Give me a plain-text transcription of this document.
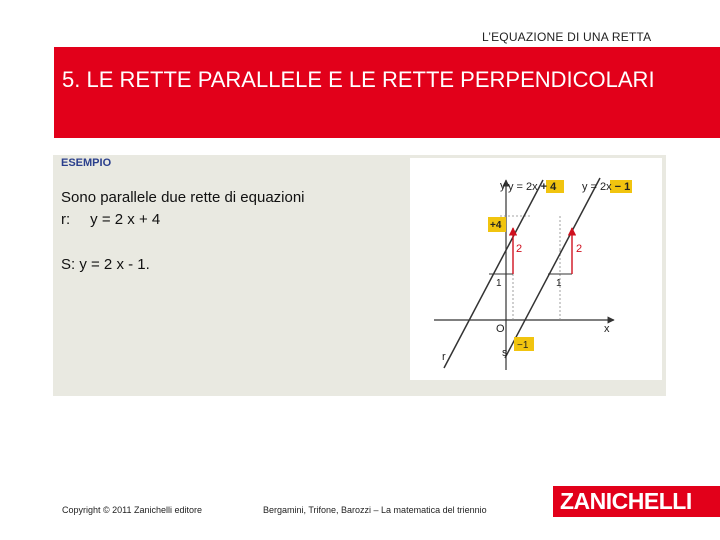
L’EQUAZIONE DI UNA RETTA
5. LE RETTE PARALLELE E LE RETTE PERPENDICOLARI
ESEMPIO
Sono parallele due rette di equazioni
r: y = 2 x + 4
S: y = 2 x - 1.
y = 2x + 4 y = 2x − 1
y
x
O
+4
−1
2	2
1	1
r	s
Copyright © 2011 Zanichelli editore	Bergamini, Trifone, Barozzi – La matematica del triennio	ZANICHELLI
